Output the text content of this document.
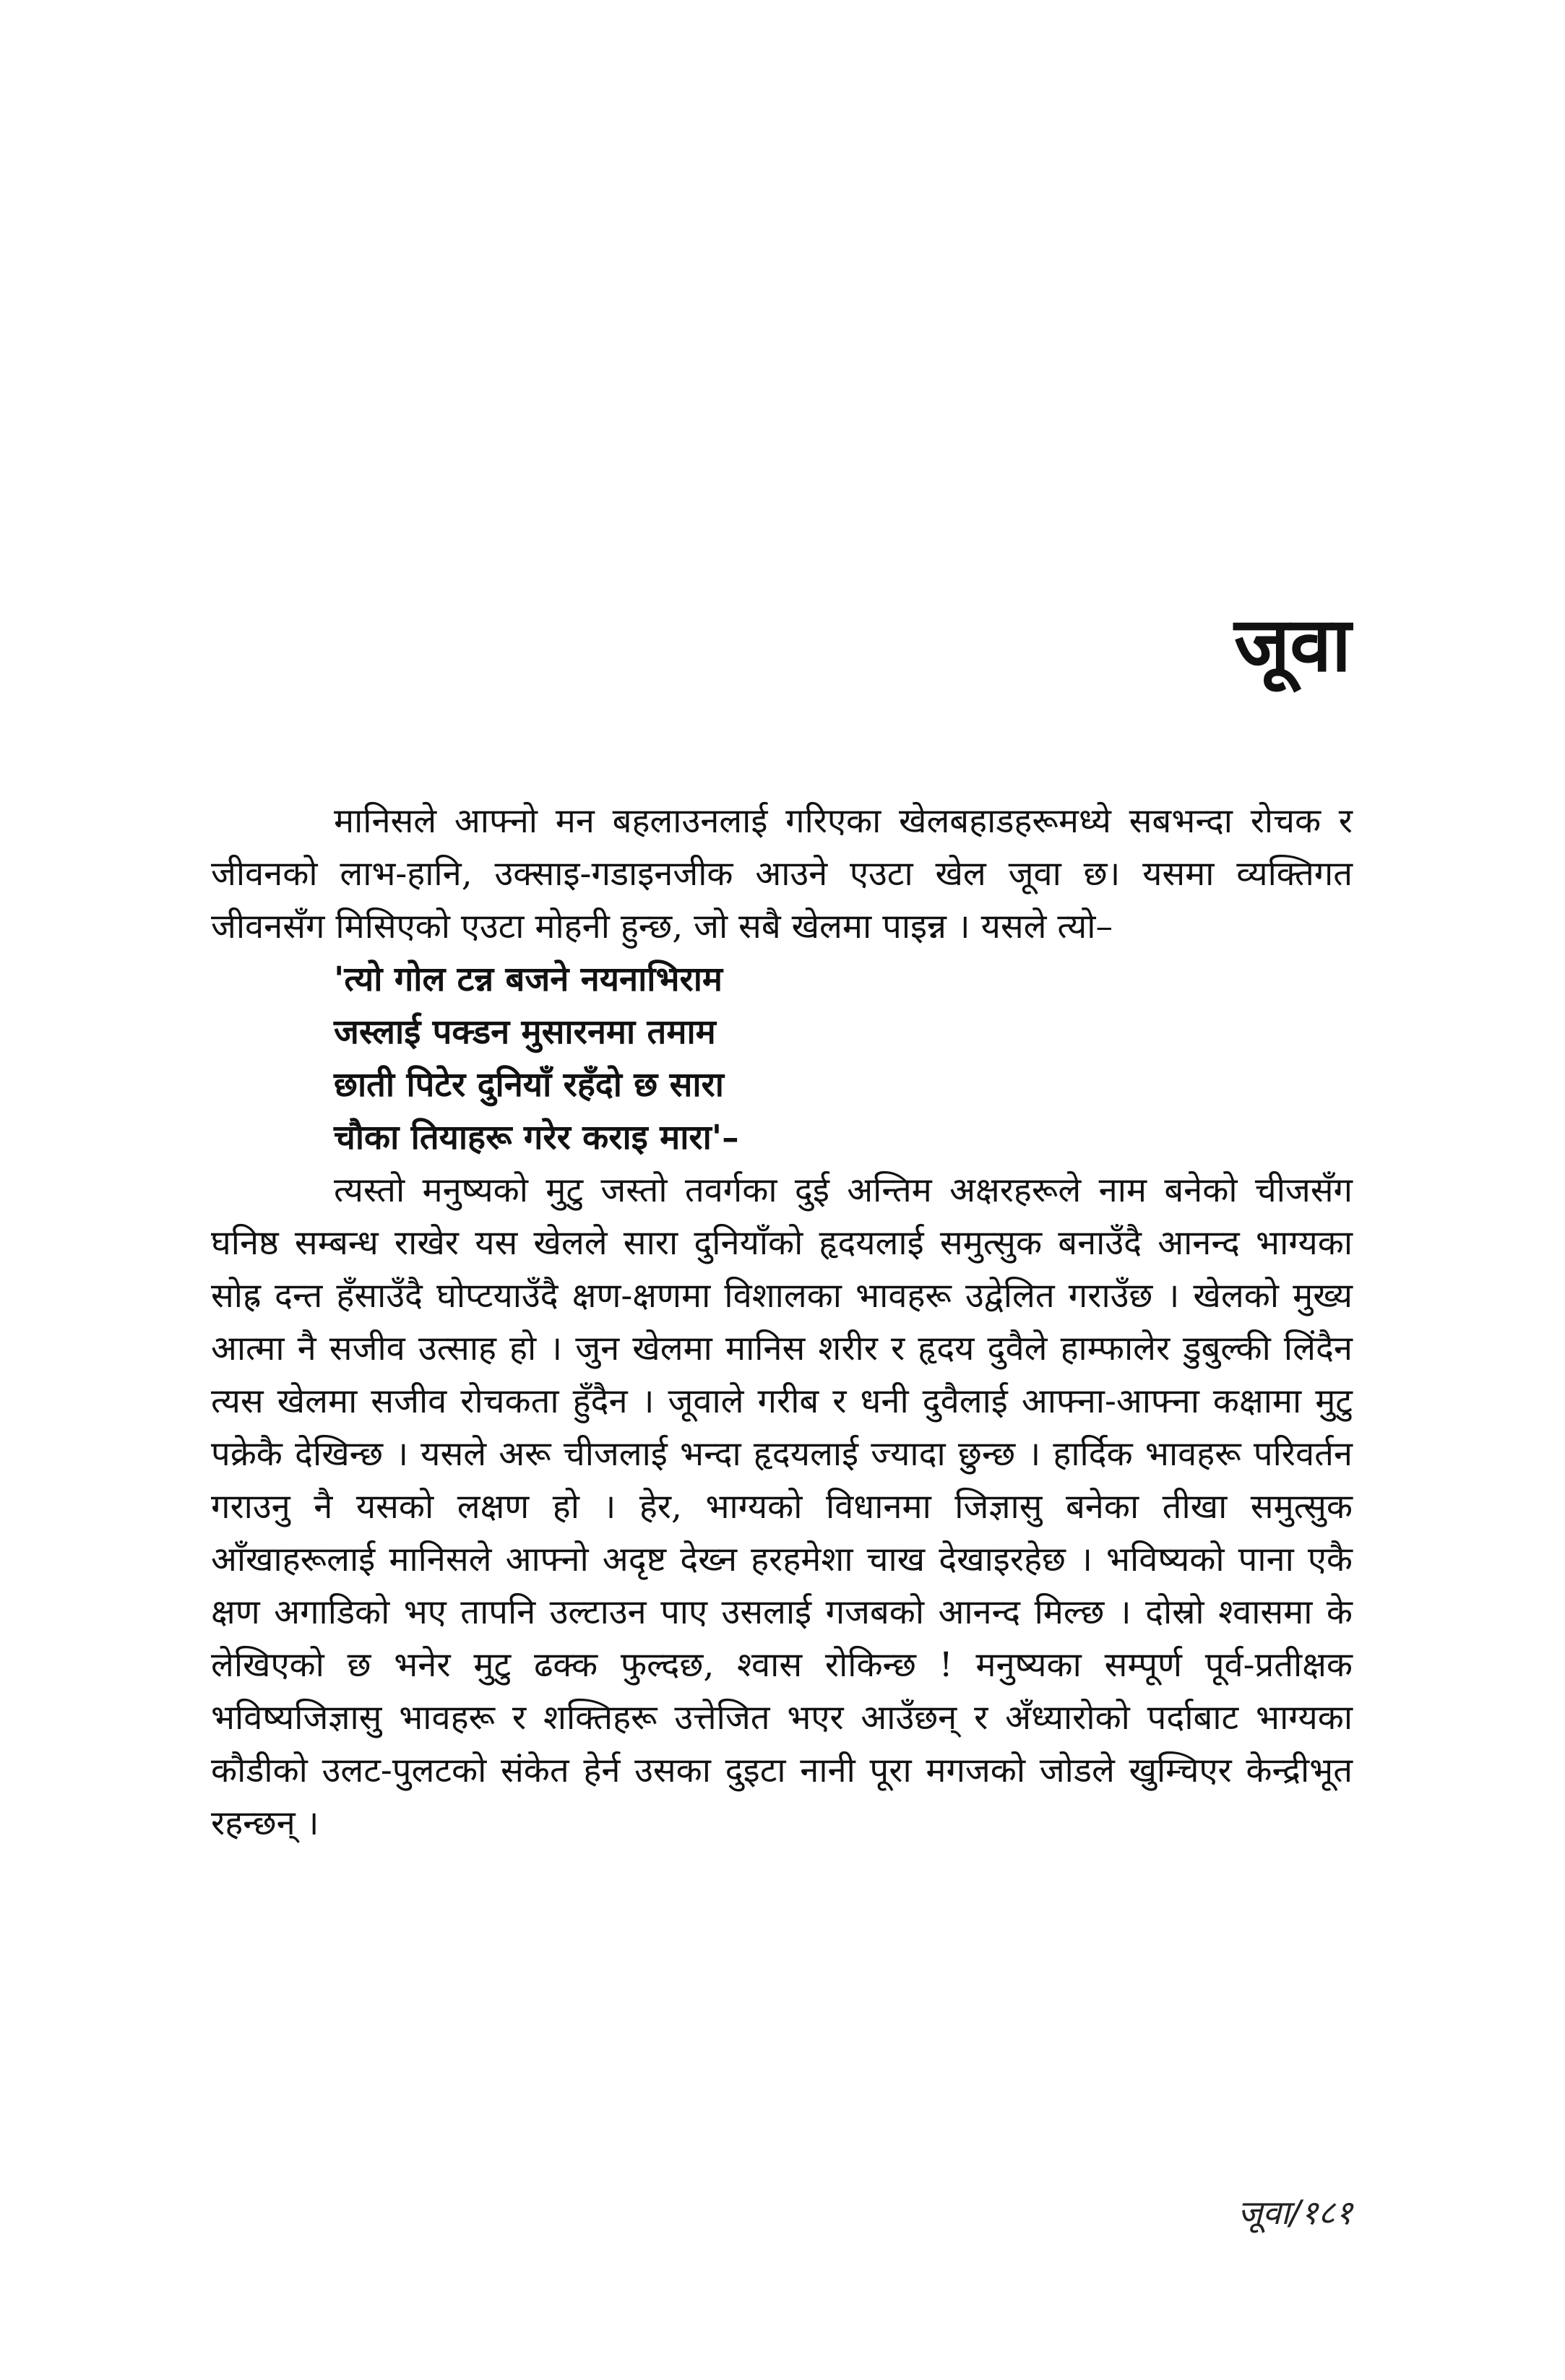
जूवा

मानिसले आफ्नो मन बहलाउनलाई गरिएका खेलबहाडहरूमध्ये सबभन्दा रोचक र जीवनको लाभ-हानि, उक्साइ-गडाइनजीक आउने एउटा खेल जूवा छ। यसमा व्यक्तिगत जीवनसँग मिसिएको एउटा मोहनी हुन्छ, जो सबै खेलमा पाइन्न । यसले त्यो–

'त्यो गोल टन्न बजने नयनाभिराम
जस्लाई पक्डन मुसारनमा तमाम
छाती पिटेर दुनियाँ रहँदो छ सारा
चौका तियाहरू गरेर कराइ मारा'–

त्यस्तो मनुष्यको मुटु जस्तो तवर्गका दुई अन्तिम अक्षरहरूले नाम बनेको चीजसँग घनिष्ठ सम्बन्ध राखेर यस खेलले सारा दुनियाँको हृदयलाई समुत्सुक बनाउँदै आनन्द भाग्यका सोह्र दन्त हँसाउँदै घोप्टयाउँदै क्षण-क्षणमा विशालका भावहरू उद्वेलित गराउँछ । खेलको मुख्य आत्मा नै सजीव उत्साह हो । जुन खेलमा मानिस शरीर र हृदय दुवैले हाम्फालेर डुबुल्की लिंदैन त्यस खेलमा सजीव रोचकता हुँदैन । जूवाले गरीब र धनी दुवैलाई आफ्ना-आफ्ना कक्षामा मुटु पक्रेकै देखिन्छ । यसले अरू चीजलाई भन्दा हृदयलाई ज्यादा छुन्छ । हार्दिक भावहरू परिवर्तन गराउनु नै यसको लक्षण हो । हेर, भाग्यको विधानमा जिज्ञासु बनेका तीखा समुत्सुक आँखाहरूलाई मानिसले आफ्नो अदृष्ट देख्न हरहमेशा चाख देखाइरहेछ । भविष्यको पाना एकै क्षण अगाडिको भए तापनि उल्टाउन पाए उसलाई गजबको आनन्द मिल्छ । दोस्रो श्वासमा के लेखिएको छ भनेर मुटु ढक्क फुल्दछ, श्वास रोकिन्छ ! मनुष्यका सम्पूर्ण पूर्व-प्रतीक्षक भविष्यजिज्ञासु भावहरू र शक्तिहरू उत्तेजित भएर आउँछन् र अँध्यारोको पर्दाबाट भाग्यका कौडीको उलट-पुलटको संकेत हेर्न उसका दुइटा नानी पूरा मगजको जोडले खुम्चिएर केन्द्रीभूत रहन्छन् ।

जूवा/१८१
